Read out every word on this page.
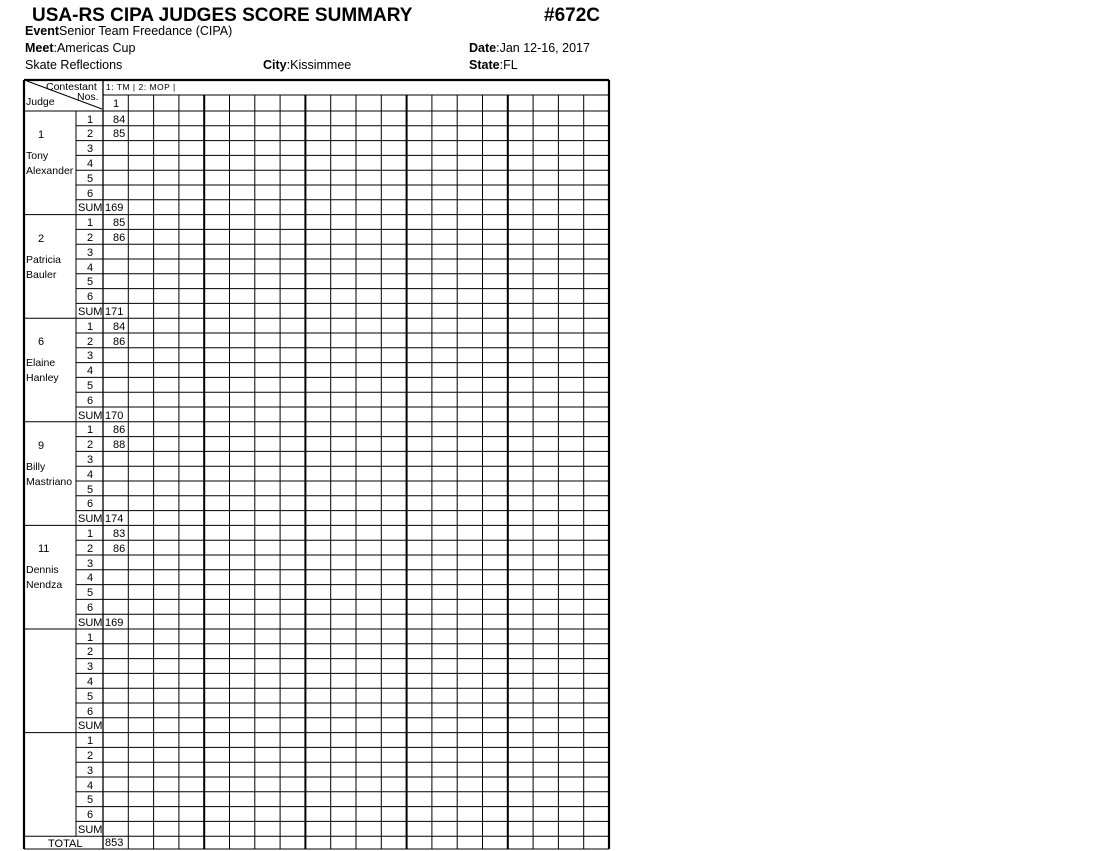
USA-RS CIPA JUDGES SCORE SUMMARY	#672C
EventSenior Team Freedance (CIPA)
Meet:Americas Cup
Skate Reflections	City:Kissimmee
Date:Jan 12-16, 2017
State:FL
Contestant
Nos.
Judge
1: TM | 2: MOP |
1
1
Tony
Alexander
1 84
2 85
3
4
5
6
SUM 169
2
Patricia
Bauler
1 85
2 86
3
4
5
6
SUM 171
6
Elaine
Hanley
1 84
2 86
3
4
5
6
SUM 170
9
Billy
Mastriano
1 86
2 88
3
4
5
6
SUM 174
11
Dennis
Nendza
1 83
2 86
3
4
5
6
SUM 169
1
2
3
4
5
6
SUM
1
2
3
4
5
6
SUM
TOTAL 853
